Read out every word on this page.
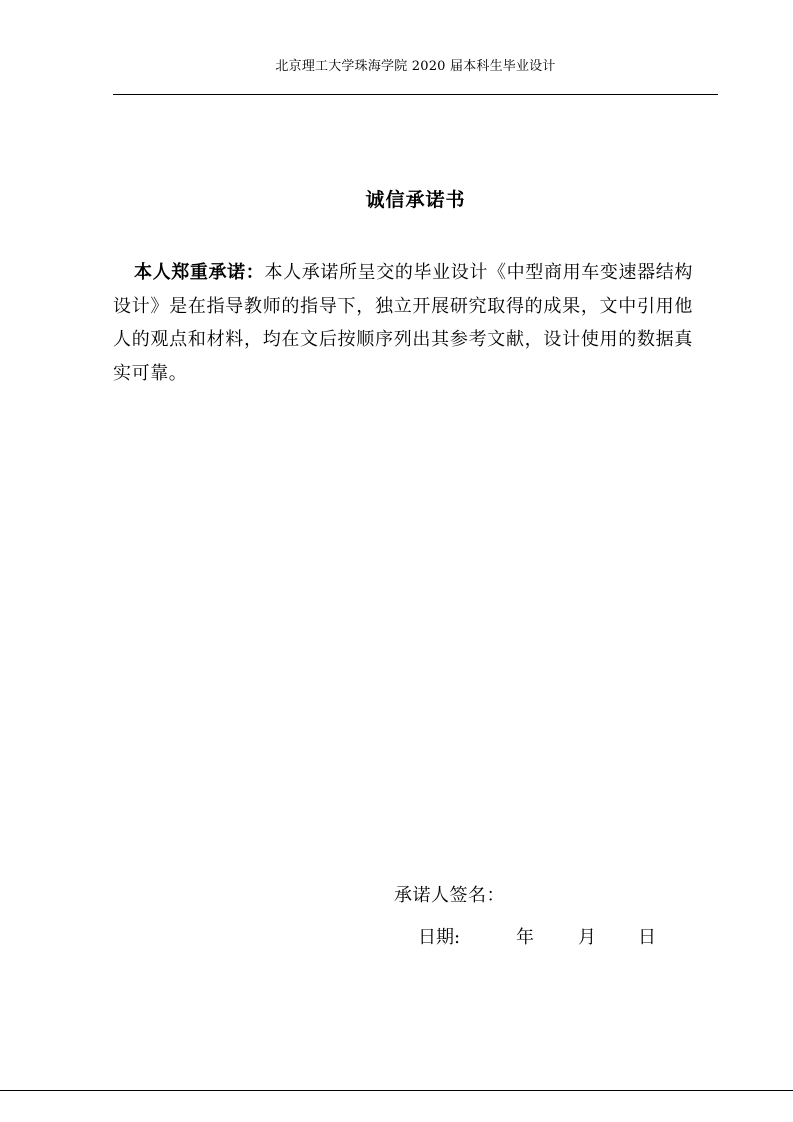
北京理工大学珠海学院 2020 届本科生毕业设计
诚信承诺书
本人郑重承诺：本人承诺所呈交的毕业设计《中型商用车变速器结构设计》是在指导教师的指导下，独立开展研究取得的成果，文中引用他人的观点和材料，均在文后按顺序列出其参考文献，设计使用的数据真实可靠。
承诺人签名：
日期:	年 月 日
